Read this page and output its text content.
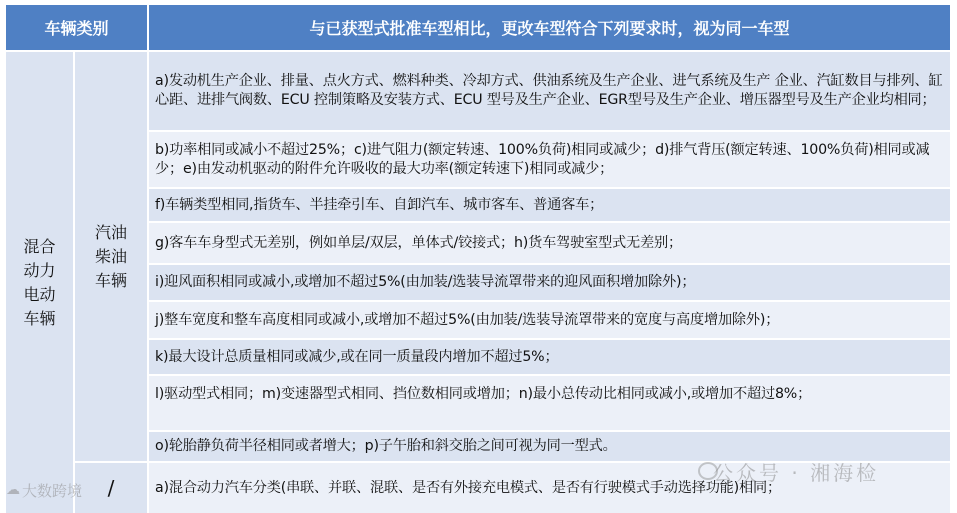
车辆类别	与已获型式批准车型相比，更改车型符合下列要求时，视为同一车型
混合动力电动车辆
汽油柴油车辆
/
a)发动机生产企业、排量、点火方式、燃料种类、冷却方式、供油系统及生产企业、进气系统及生产 企业、汽缸数目与排列、缸心距、进排气阀数、ECU 控制策略及安装方式、ECU 型号及生产企业、EGR型号及生产企业、增压器型号及生产企业均相同；
b)功率相同或减小不超过25%；c)进气阻力(额定转速、100%负荷)相同或减少；d)排气背压(额定转速、100%负荷)相同或减少；e)由发动机驱动的附件允许吸收的最大功率(额定转速下)相同或减少；
f)车辆类型相同,指货车、半挂牵引车、自卸汽车、城市客车、普通客车；
g)客车车身型式无差别，例如单层/双层，单体式/铰接式；h)货车驾驶室型式无差别；
i)迎风面积相同或减小,或增加不超过5%(由加装/选装导流罩带来的迎风面积增加除外)；
j)整车宽度和整车高度相同或减小,或增加不超过5%(由加装/选装导流罩带来的宽度与高度增加除外)；
k)最大设计总质量相同或减少,或在同一质量段内增加不超过5%；
l)驱动型式相同；m)变速器型式相同、挡位数相同或增加；n)最小总传动比相同或减小,或增加不超过8%；
o)轮胎静负荷半径相同或者增大；p)子午胎和斜交胎之间可视为同一型式。
a)混合动力汽车分类(串联、并联、混联、是否有外接充电模式、是否有行驶模式手动选择功能)相同；
公众号 · 湘海检
☁ 大数跨境
